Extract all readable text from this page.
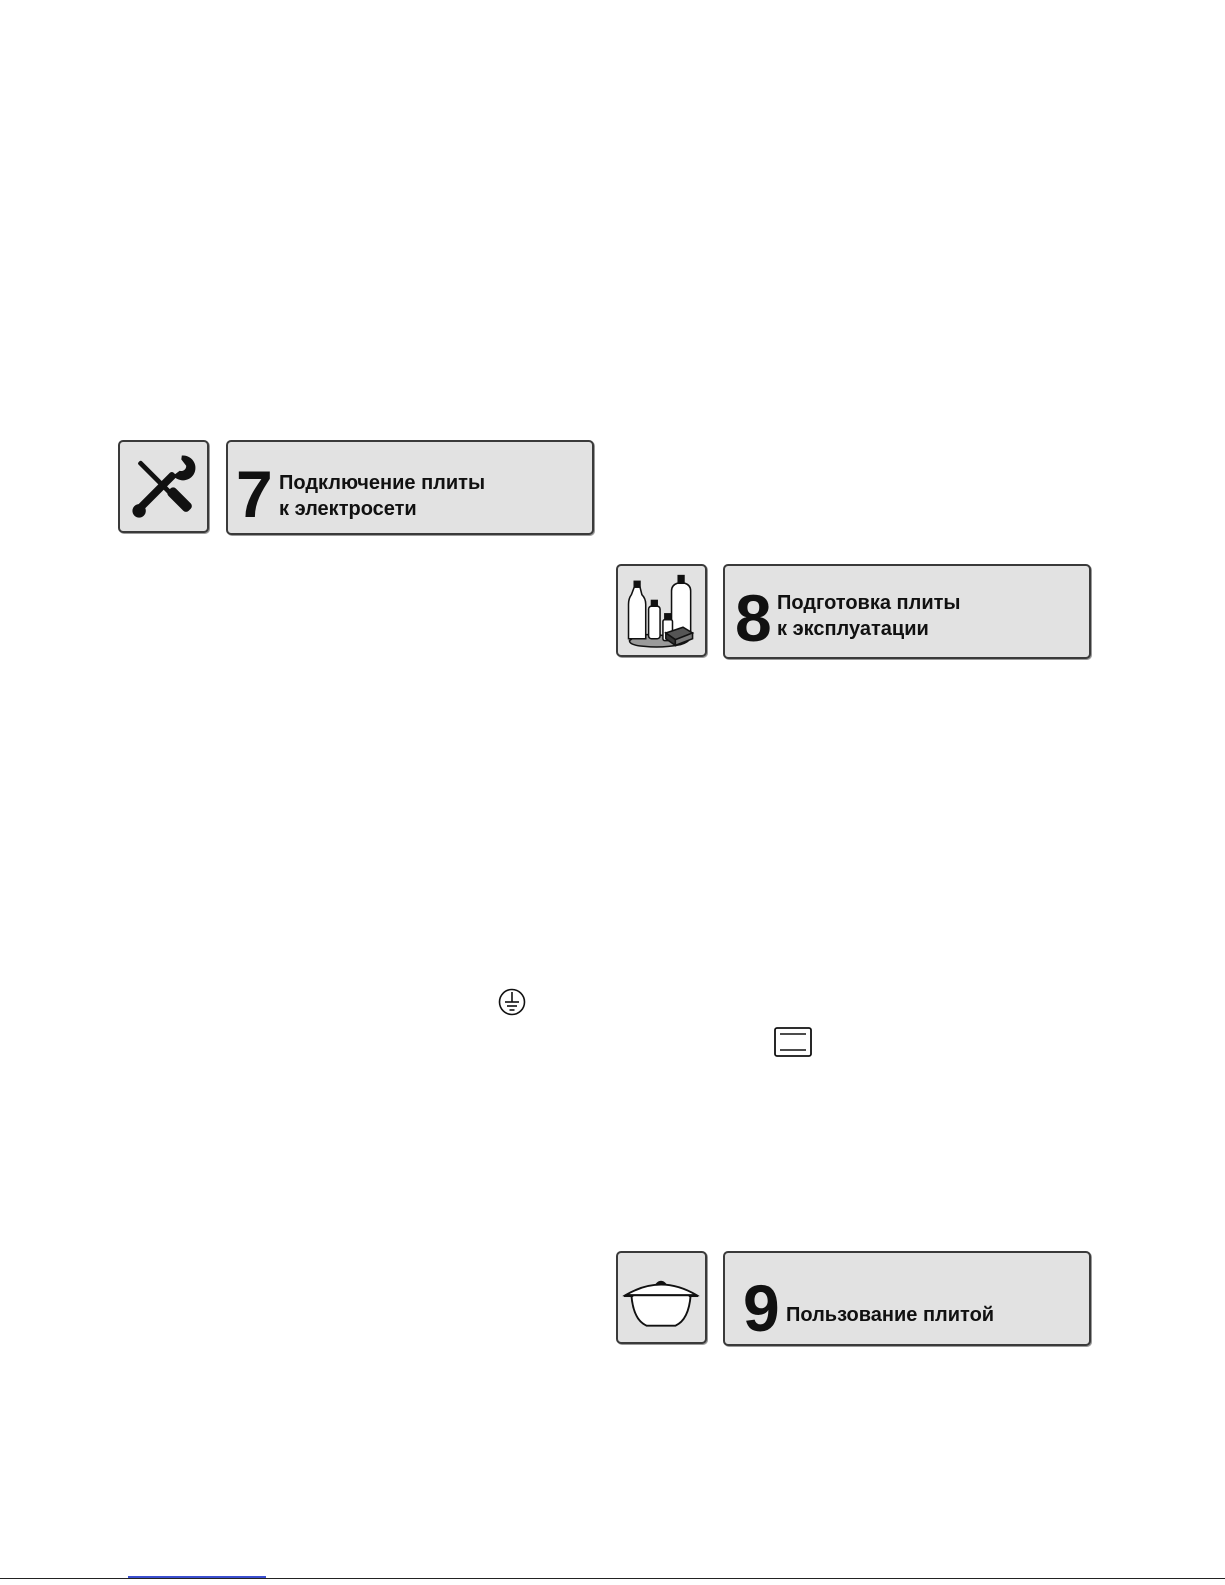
7 Подключение плиты
к электросети
8 Подготовка плиты
к эксплуатации
9 Пользование плитой
